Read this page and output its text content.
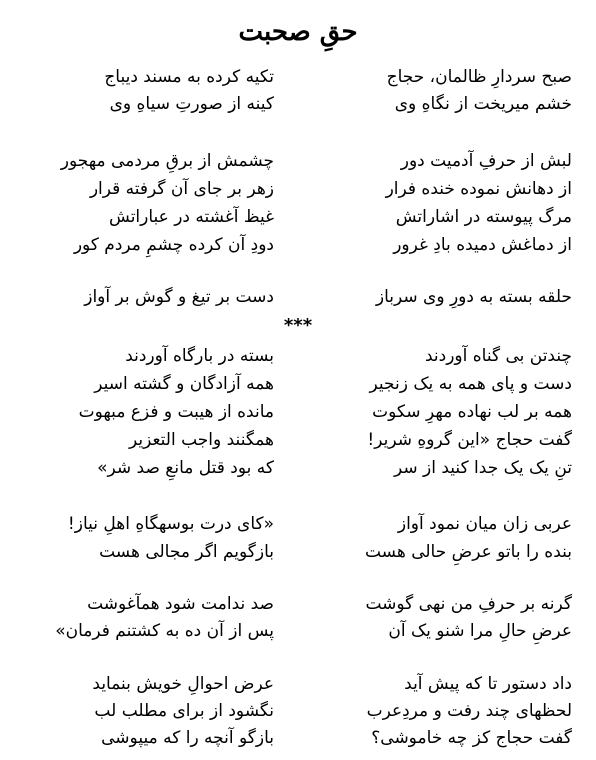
حقِ صحبت
***
صبح سردارِ ظالمان، حجاج
تکیه کرده به مسند دیباج
خشم میریخت از نگاهِ وی
کینه از صورتِ سیاهِ وی
لبش از حرفِ آدمیت دور
چشمش از برقِ مردمی مهجور
از دهانش نموده خنده فرار
زهر بر جای آن گرفته قرار
مرگ پیوسته در اشاراتش
غیظ آغشته در عباراتش
از دماغش دمیده بادِ غرور
دودِ آن کرده چشمِ مردم کور
حلقه بسته به دورِ وی سرباز
دست بر تیغ و گوش بر آواز
چندتن بی گناه آوردند
بسته در بارگاه آوردند
دست و پای همه به یک زنجیر
همه آزادگان و گشته اسیر
همه بر لب نهاده مهرِ سکوت
مانده از هیبت و فزع مبهوت
گفت حجاج «این گروهِ شریر!
همگنند واجب التعزیر
تنِ یک یک جدا کنید از سر
که بود قتل مانعِ صد شر»
عربی زان میان نمود آواز
«کای درت بوسهگاهِ اهلِ نیاز!
بنده را باتو عرضِ حالی هست
بازگویم اگر مجالی هست
گرنه بر حرفِ من نهی گوشت
صد ندامت شود همآغوشت
عرضِ حالِ مرا شنو یک آن
پس از آن ده به کشتنم فرمان»
داد دستور تا که پیش آید
عرض احوالِ خویش بنماید
لحظهای چند رفت و مردِعرب
نگشود از برای مطلب لب
گفت حجاج کز چه خاموشی؟
بازگو آنچه را که میپوشی
